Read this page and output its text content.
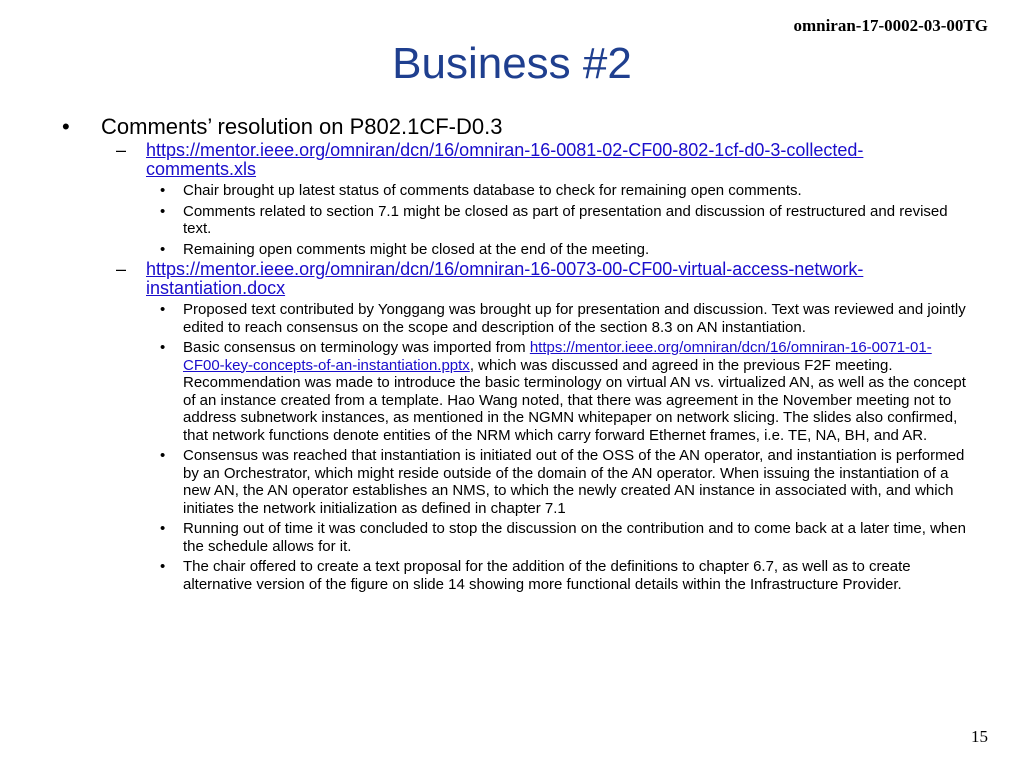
omniran-17-0002-03-00TG
Business #2
• Comments’ resolution on P802.1CF-D0.3
– https://mentor.ieee.org/omniran/dcn/16/omniran-16-0081-02-CF00-802-1cf-d0-3-collected-comments.xls
• Chair brought up latest status of comments database to check for remaining open comments.
• Comments related to section 7.1 might be closed as part of presentation and discussion of restructured and revised text.
• Remaining open comments might be closed at the end of the meeting.
– https://mentor.ieee.org/omniran/dcn/16/omniran-16-0073-00-CF00-virtual-access-network-instantiation.docx
• Proposed text contributed by Yonggang was brought up for presentation and discussion. Text was reviewed and jointly edited to reach consensus on the scope and description of the section 8.3 on AN instantiation.
• Basic consensus on terminology was imported from https://mentor.ieee.org/omniran/dcn/16/omniran-16-0071-01-CF00-key-concepts-of-an-instantiation.pptx, which was discussed and agreed in the previous F2F meeting. Recommendation was made to introduce the basic terminology on virtual AN vs. virtualized AN, as well as the concept of an instance created from a template. Hao Wang noted, that there was agreement in the November meeting not to address subnetwork instances, as mentioned in the NGMN whitepaper on network slicing. The slides also confirmed, that network functions denote entities of the NRM which carry forward Ethernet frames, i.e. TE, NA, BH, and AR.
• Consensus was reached that instantiation is initiated out of the OSS of the AN operator, and instantiation is performed by an Orchestrator, which might reside outside of the domain of the AN operator. When issuing the instantiation of a new AN, the AN operator establishes an NMS, to which the newly created AN instance in associated with, and which initiates the network initialization as defined in chapter 7.1
• Running out of time it was concluded to stop the discussion on the contribution and to come back at a later time, when the schedule allows for it.
• The chair offered to create a text proposal for the addition of the definitions to chapter 6.7, as well as to create alternative version of the figure on slide 14 showing more functional details within the Infrastructure Provider.
15
